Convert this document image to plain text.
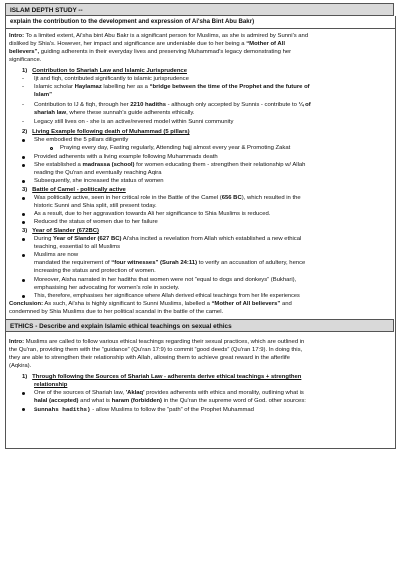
ISLAM DEPTH STUDY --
explain the contribution to the development and expression of Ai'sha Bint Abu Bakr)
Intro: To a limited extent, Ai'sha bint Abu Bakr is a significant person for Muslims, as she is admired by Sunni's and
disliked by Shia's. However, her impact and significance are undeniable due to her being a “Mother of All
believers”, guiding adherents in their everyday lives and preserving Muhammad's legacy demonstrating her
significance.
1) Contribution to Shariah Law and Islamic Jurisprudence
- Ijt and fiqh, contributed significantly to islamic jurisprudence
- Islamic scholar Haylamaz labelling her as a “bridge between the time of the Prophet and the future of
Islam”
- Contribution to IJ & fiqh, through her 2210 hadiths - although only accepted by Sunnis - contribute to ¼ of
shariah law, where these sunnah's guide adherents ethically.
- Legacy still lives on - she is an active/revered model within Sunni community
2) Living Example following death of Muhammad (5 pillars)
She embodied the 5 pillars diligently
Praying every day, Fasting regularly, Attending hajj almost every year & Promoting Zakat
Provided adherents with a living example following Muhammads death
She established a madrassa (school) for women educating them - strengthen their relationship w/ Allah
reading the Qu'ran and eventually reaching Aqira
Subsequently, she increased the status of women
3) Battle of Camel - politically active
Was politically active, seen in her critical role in the Battle of the Camel (656 BC), which resulted in the
historic Sunni and Shia split, still present today.
As a result, due to her aggravation towards Ali her significance to Shia Muslims is reduced.
Reduced the status of women due to her failure
3) Year of Slander (672BC)
During Year of Slander (627 BC) Ai'sha incited a revelation from Allah which established a new ethical
teaching, essential to all Muslims
Muslims are now
mandated the requirement of “four witnesses” (Surah 24:11) to verify an accusation of adultery, hence
increasing the status and protection of women.
Moreover, Aisha narrated in her hadiths that women were not “equal to dogs and donkeys” (Bukhari),
emphasising her advocating for women's role in society.
This, therefore, emphasises her significance where Allah derived ethical teachings from her life experiences
Conclusion: As such, Ai'sha is highly significant to Sunni Muslims, labelled a “Mother of All believers” and
condemned by Shia Muslims due to her political scandal in the battle of the camel.
ETHICS - Describe and explain Islamic ethical teachings on sexual ethics
Intro: Muslims are called to follow various ethical teachings regarding their sexual practices, which are outlined in
the Qu'ran, providing them with the “guidance” (Qu'ran 17:9) to commit “good deeds” (Qu'ran 17:9). In doing this,
they are able to strengthen their relationship with Allah, allowing them to achieve great reward in the afterlife
(Aqkira).
1) Through following the Sources of Shariah Law - adherents derive ethical teachings + strengthen
relationship
One of the sources of Shariah law, 'Aklaq' provides adherents with ethics and morality, outlining what is
halal (accepted) and what is haram (forbidden) in the Qu'ran the supreme word of God. other sources:
Sunnahs hadiths) - allow Muslims to follow the “path” of the Prophet Muhammad
